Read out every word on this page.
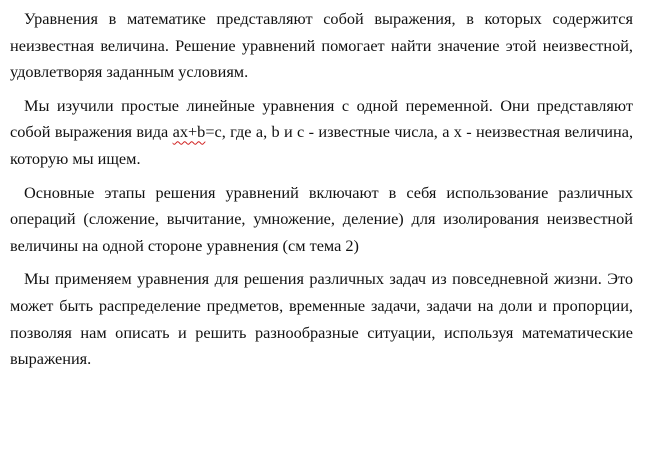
Уравнения в математике представляют собой выражения, в которых содержится неизвестная величина. Решение уравнений помогает найти значение этой неизвестной, удовлетворяя заданным условиям.

Мы изучили простые линейные уравнения с одной переменной. Они представляют собой выражения вида ax+b=c, где a, b и c - известные числа, а x - неизвестная величина, которую мы ищем.

Основные этапы решения уравнений включают в себя использование различных операций (сложение, вычитание, умножение, деление) для изолирования неизвестной величины на одной стороне уравнения (см тема 2)

Мы применяем уравнения для решения различных задач из повседневной жизни. Это может быть распределение предметов, временные задачи, задачи на доли и пропорции, позволяя нам описать и решить разнообразные ситуации, используя математические выражения.
